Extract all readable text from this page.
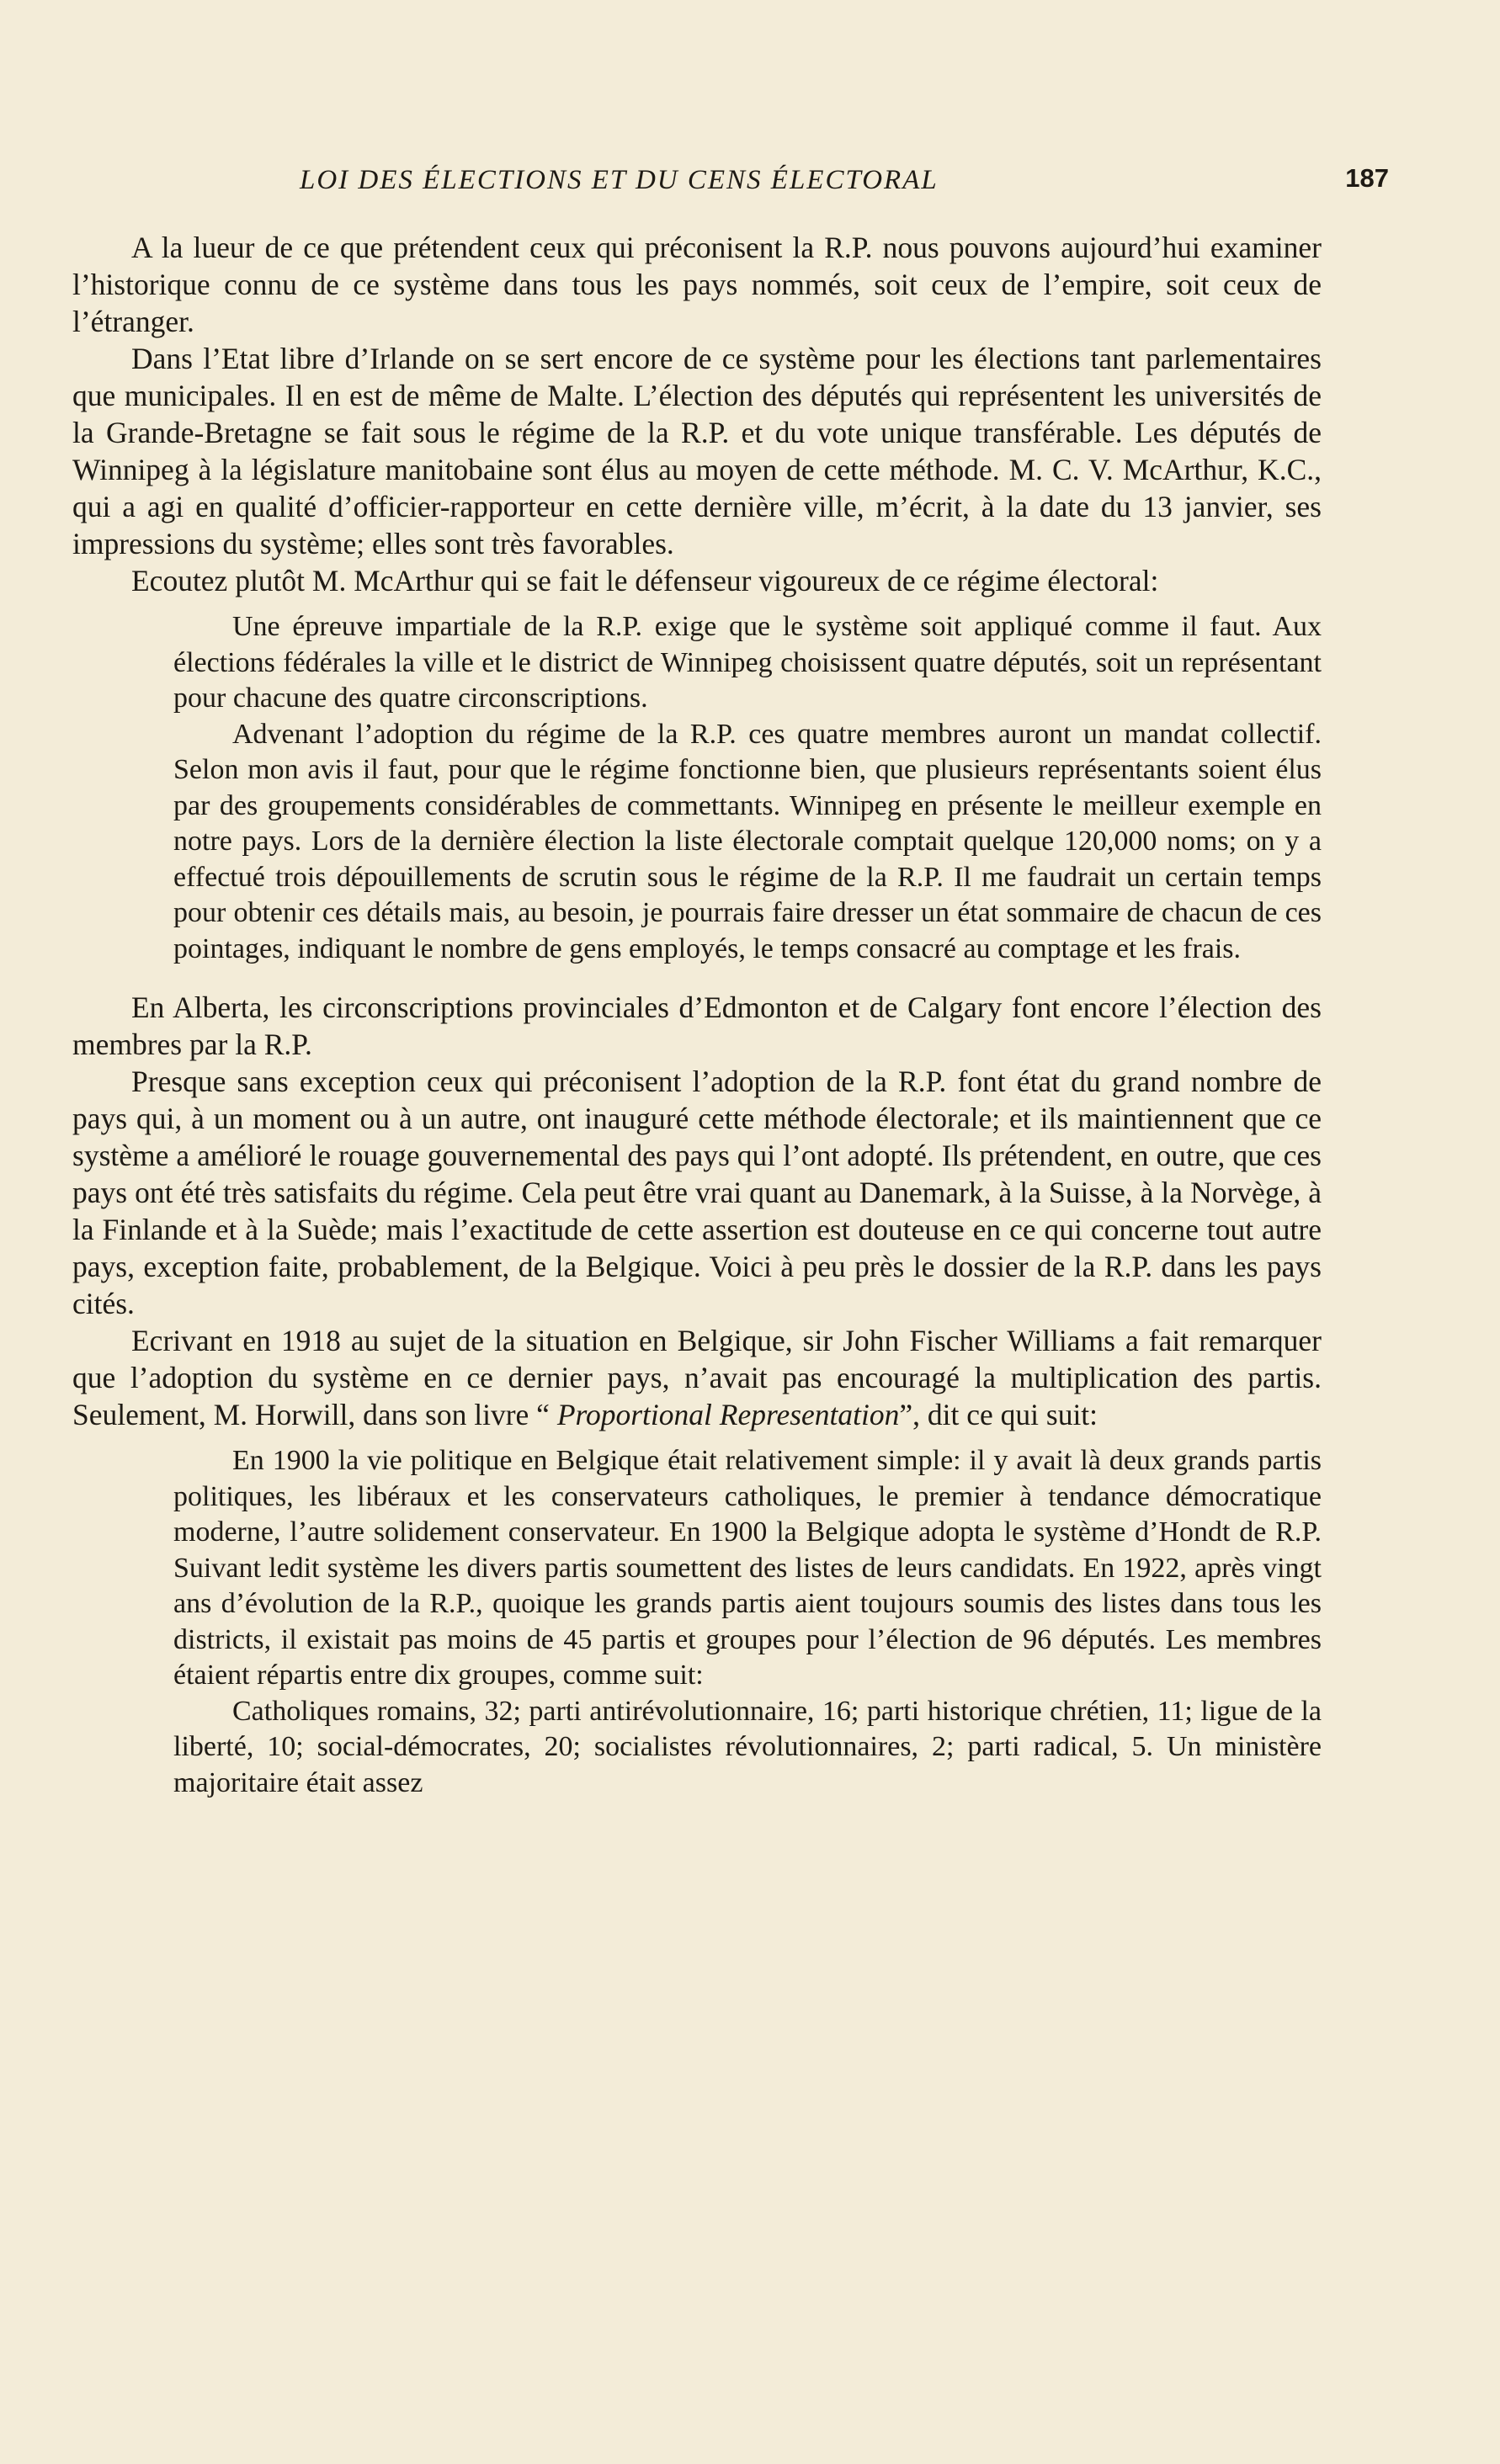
LOI DES ÉLECTIONS ET DU CENS ÉLECTORAL	187

A la lueur de ce que prétendent ceux qui préconisent la R.P. nous pouvons aujourd’hui examiner l’historique connu de ce système dans tous les pays nommés, soit ceux de l’empire, soit ceux de l’étranger.

Dans l’Etat libre d’Irlande on se sert encore de ce système pour les élections tant parlementaires que municipales. Il en est de même de Malte. L’élection des députés qui représentent les universités de la Grande-Bretagne se fait sous le régime de la R.P. et du vote unique transférable. Les députés de Winnipeg à la législature manitobaine sont élus au moyen de cette méthode. M. C. V. McArthur, K.C., qui a agi en qualité d’officier-rapporteur en cette dernière ville, m’écrit, à la date du 13 janvier, ses impressions du système; elles sont très favorables.

Ecoutez plutôt M. McArthur qui se fait le défenseur vigoureux de ce régime électoral:

Une épreuve impartiale de la R.P. exige que le système soit appliqué comme il faut. Aux élections fédérales la ville et le district de Winnipeg choisissent quatre députés, soit un représentant pour chacune des quatre circonscriptions.

Advenant l’adoption du régime de la R.P. ces quatre membres auront un mandat collectif. Selon mon avis il faut, pour que le régime fonctionne bien, que plusieurs représentants soient élus par des groupements considérables de commettants. Winnipeg en présente le meilleur exemple en notre pays. Lors de la dernière élection la liste électorale comptait quelque 120,000 noms; on y a effectué trois dépouillements de scrutin sous le régime de la R.P. Il me faudrait un certain temps pour obtenir ces détails mais, au besoin, je pourrais faire dresser un état sommaire de chacun de ces pointages, indiquant le nombre de gens employés, le temps consacré au comptage et les frais.

En Alberta, les circonscriptions provinciales d’Edmonton et de Calgary font encore l’élection des membres par la R.P.

Presque sans exception ceux qui préconisent l’adoption de la R.P. font état du grand nombre de pays qui, à un moment ou à un autre, ont inauguré cette méthode électorale; et ils maintiennent que ce système a amélioré le rouage gouvernemental des pays qui l’ont adopté. Ils prétendent, en outre, que ces pays ont été très satisfaits du régime. Cela peut être vrai quant au Danemark, à la Suisse, à la Norvège, à la Finlande et à la Suède; mais l’exactitude de cette assertion est douteuse en ce qui concerne tout autre pays, exception faite, probablement, de la Belgique. Voici à peu près le dossier de la R.P. dans les pays cités.

Ecrivant en 1918 au sujet de la situation en Belgique, sir John Fischer Williams a fait remarquer que l’adoption du système en ce dernier pays, n’avait pas encouragé la multiplication des partis. Seulement, M. Horwill, dans son livre “ Proportional Representation”, dit ce qui suit:

En 1900 la vie politique en Belgique était relativement simple: il y avait là deux grands partis politiques, les libéraux et les conservateurs catholiques, le premier à tendance démocratique moderne, l’autre solidement conservateur. En 1900 la Belgique adopta le système d’Hondt de R.P. Suivant ledit système les divers partis soumettent des listes de leurs candidats. En 1922, après vingt ans d’évolution de la R.P., quoique les grands partis aient toujours soumis des listes dans tous les districts, il existait pas moins de 45 partis et groupes pour l’élection de 96 députés. Les membres étaient répartis entre dix groupes, comme suit:

Catholiques romains, 32; parti antirévolutionnaire, 16; parti historique chrétien, 11; ligue de la liberté, 10; social-démocrates, 20; socialistes révolutionnaires, 2; parti radical, 5. Un ministère majoritaire était assez
